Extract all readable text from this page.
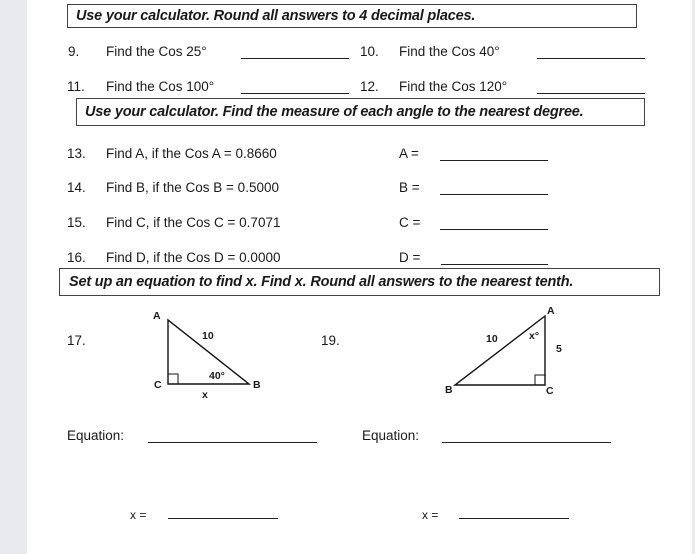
Use your calculator. Round all answers to 4 decimal places.
9. Find the Cos 25°	10. Find the Cos 40°
11. Find the Cos 100°	12. Find the Cos 120°
Use your calculator. Find the measure of each angle to the nearest degree.
13. Find A, if the Cos A = 0.8660	A =
14. Find B, if the Cos B = 0.5000	B =
15. Find C, if the Cos C = 0.7071	C =
16. Find D, if the Cos D = 0.0000	D =
Set up an equation to find x. Find x. Round all answers to the nearest tenth.
17.
A
C	B
10
40°
x
Equation:
x =
19.
A
B	C
10	x°
5
Equation:
x =
